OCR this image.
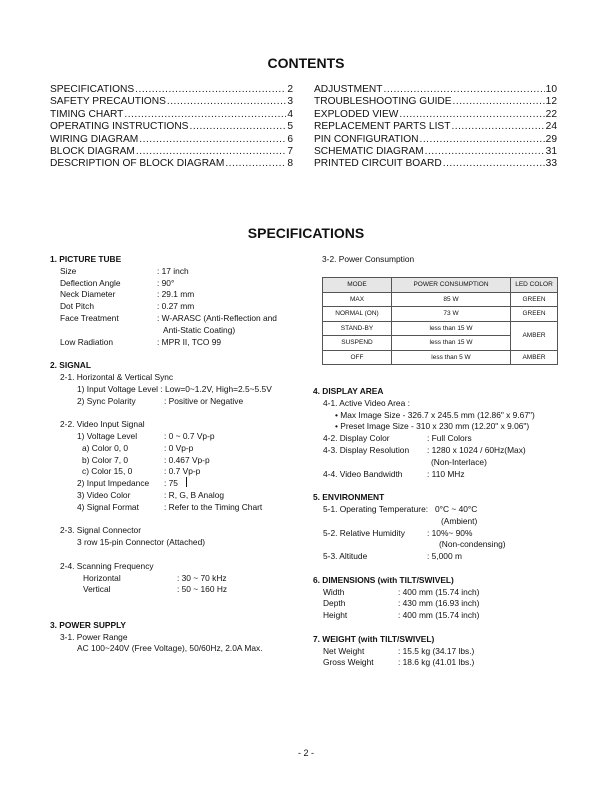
CONTENTS
SPECIFICATIONS .....	2
SAFETY PRECAUTIONS .....	3
TIMING CHART .....	4
OPERATING INSTRUCTIONS .....	5
WIRING DIAGRAM .....	6
BLOCK DIAGRAM .....	7
DESCRIPTION OF BLOCK DIAGRAM .....	8
ADJUSTMENT .....	10
TROUBLESHOOTING GUIDE .....	12
EXPLODED VIEW .....	22
REPLACEMENT PARTS LIST .....	24
PIN CONFIGURATION .....	29
SCHEMATIC DIAGRAM .....	31
PRINTED CIRCUIT BOARD .....	33
SPECIFICATIONS
1. PICTURE TUBE
Size	: 17 inch
Deflection Angle	: 90°
Neck Diameter	: 29.1 mm
Dot Pitch	: 0.27 mm
Face Treatment	: W-ARASC (Anti-Reflection and
Anti-Static Coating)
Low Radiation	: MPR II, TCO 99
2. SIGNAL
2-1. Horizontal & Vertical Sync
1) Input Voltage Level : Low=0~1.2V, High=2.5~5.5V
2) Sync Polarity	: Positive or Negative
2-2. Video Input Signal
1) Voltage Level	: 0 ~ 0.7 Vp-p
a) Color 0, 0	: 0 Vp-p
b) Color 7, 0	: 0.467 Vp-p
c) Color 15, 0	: 0.7 Vp-p
2) Input Impedance : 75
3) Video Color	: R, G, B Analog
4) Signal Format	: Refer to the Timing Chart
2-3. Signal Connector
3 row 15-pin Connector (Attached)
2-4. Scanning Frequency
Horizontal	: 30 ~ 70 kHz
Vertical	: 50 ~ 160 Hz
3. POWER SUPPLY
3-1. Power Range
AC 100~240V (Free Voltage), 50/60Hz, 2.0A Max.
3-2. Power Consumption
MODE	POWER CONSUMPTION	LED COLOR
MAX	85 W	GREEN
NORMAL (ON)	73 W	GREEN
STAND-BY	less than 15 W	AMBER
SUSPEND	less than 15 W	
OFF	less than 5 W	AMBER
4. DISPLAY AREA
4-1. Active Video Area :
• Max Image Size - 326.7 x 245.5 mm (12.86" x 9.67")
• Preset Image Size - 310 x 230 mm (12.20" x 9.06")
4-2. Display Color	: Full Colors
4-3. Display Resolution : 1280 x 1024 / 60Hz(Max)
(Non-Interlace)
4-4. Video Bandwidth	: 110 MHz
5. ENVIRONMENT
5-1. Operating Temperature: 0°C ~ 40°C
(Ambient)
5-2. Relative Humidity	: 10%~ 90%
(Non-condensing)
5-3. Altitude	: 5,000 m
6. DIMENSIONS (with TILT/SWIVEL)
Width	: 400 mm (15.74 inch)
Depth	: 430 mm (16.93 inch)
Height	: 400 mm (15.74 inch)
7. WEIGHT (with TILT/SWIVEL)
Net Weight	: 15.5 kg (34.17 lbs.)
Gross Weight	: 18.6 kg (41.01 lbs.)
- 2 -
